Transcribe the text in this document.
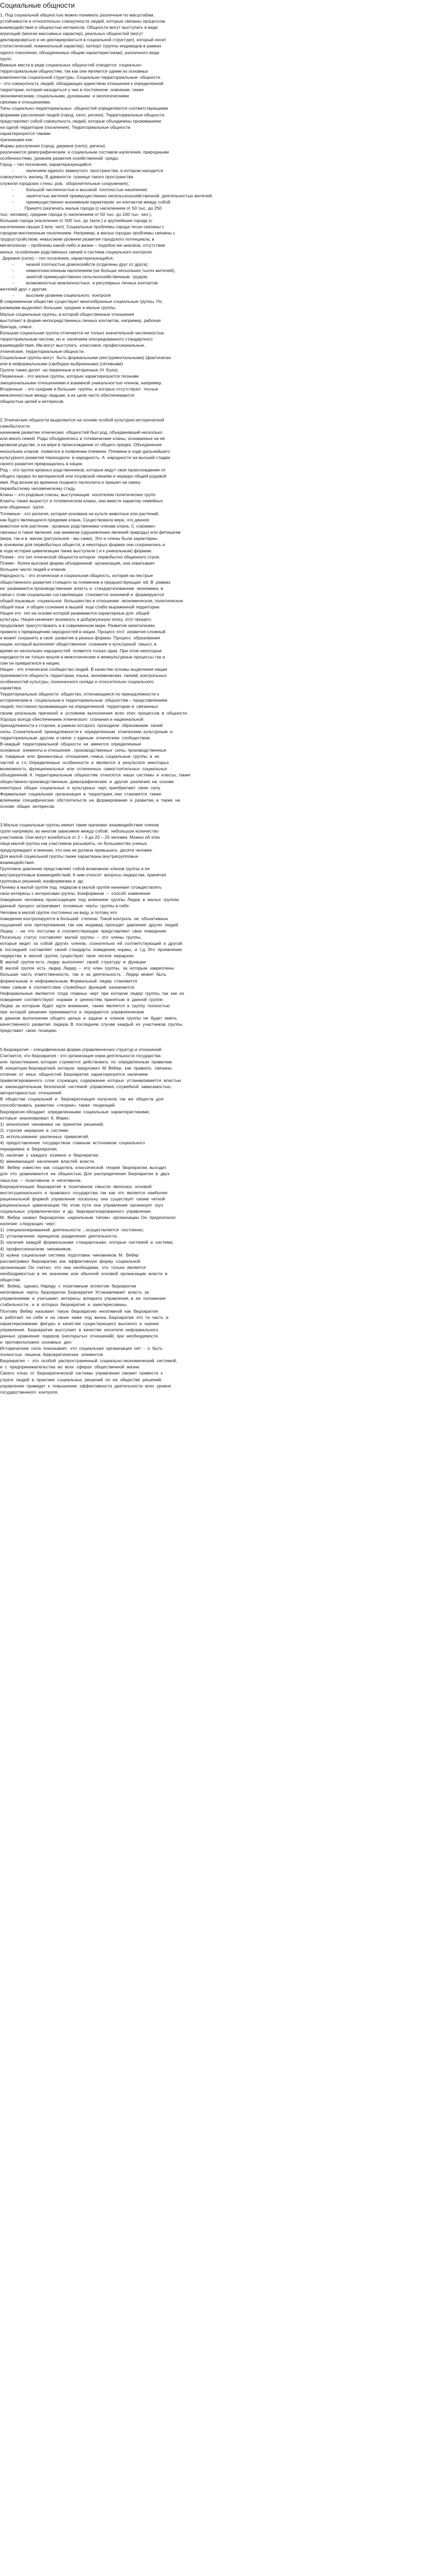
Социальные общности
1. Под социальной общностью можно понимать различные по масштабам,
устойчивости и относительно совокупности людей, которые связаны процессом
взаимодействия и общностью интересов. Общности могут выступать в виде
агрегаций (многие массивных характер), реальных общностей (могут
декларироваться и не декларироваться в социальной структуре), который носит
статистический, номинальный характер), катеорт (группы индивидов в рамках
одного поколения, объединенных общим характеристикам), различного вида
групп.
Важные места в ряде социальных общностей отводится  социально-
территориальным общностям, так как они являются одним из основных
компонентов социальной структуры. Социально-территориальные  общности
– это совокупность людей, обладающих единством отношения к определенной
территории, которая находиться у них в постоянном  освоении, также
экономическими, социальными, духовными  и экологическими
связями и отношениями.
Типы социально-территориальных  общностей определяются соответствующими
формами расселения людей (город, село, регион). Территориальные общности
представляют собой совокупность людей, которые объединены проживанием
на одной территории (поселения). Территориальные общности
характеризуются такими
признаками как:
Формы расселения (город, деревня (село), регион)
различаются демографическим  и социальным составом населения, природными
особенностями, уровнем развития хозяйственной  среды.
Город – тип поселения, характеризующийся:
-          наличием единого замкнутого  пространства, в котором находится
совокупность жилищ. В древности  граница такого пространства
служили городских стены, ров,  оборонительные сооружения);
-          большой численностью и высокой  плотностью населения;
-          занятостью жителей преимущественно несельскохозяйственной  деятельностью жителей;
-          преимущественно анонимным характером  их контактов между собой.
Принято различать малые города (с населением от 50 тыс. до 250
тыс. человек), средние города (с населением от 50 тыс. до 100 тыс. чел.),
большие города (население от 500 тыс. до 1млн.) и крупнейшие города (с
населением свыше 2 млн. чел). Социальные проблемы города тесно связаны с
городом-миллионным поселением. Например, в малых городах проблемы связаны с
трудоустройством, невысоким уровнем развития городского потенциала, в
мегаполисах – проблемы какой-либо и жизни – подобно же анализа, отсутствие
жилья, ослабление родственных связей и система социального контроля.
Деревня (село) – тип поселения, характеризующийся:
-          низкой плотностью домохозяйств (отдалены друг от друга);
-          немногочисленным населением (не больше нескольких тысяч жителей);
-          занятой преимущественно сельскохозяйственным  трудом;
-          возможностью межличностных  и регулярных личных контактов
жителей друг с другом;
-          высоким уровнем социального  контроля
В современном обществе существуют многообразные социальные группы. По
размерам выделяют большие, средние и малые группы.
Малые социальные группы, в которой общественные отношения
выступают в форме непосредственных личных контактов, например, рабочая
бригада, семья.
Большая социальная группа отличается не только значительной численностью
территориальным числом, но и  наличием опосредованного стандартного
взаимодействия. Им могут выступать  классовое, профессиональные,
этнические, территориальные общности.
Социальные группы могут  быть формальными (инструментальными) (фактически
или в неформальными (свободно выбранными) (сетевыми).
Группа также делят  на первичные и вторичные (Ч. Кули).
Первичные - это малые группы, которые характеризуются тесными
эмоциональными отношениями и взаимной уникальностью членов, например,
Вторичные  - это средние и большие  группы, в которых отсутствуют  тесные
межличностные между людьми, а их цели часто обеспечиваются
общностью целей и интересов.
2.Этнические общности выделяются на основе особой культурно-исторической
самобытности.
начинаем развитие этнических  общностей был род, объединявший несколько
или много семей. Роды объединялись в тотемические кланы, основанные на не
кровном родстве, а на вере в происхождение от общего предка. Объединения
нескольких кланов  появился в появлении племени. Племена в ходе дальнейшего
культурного развития переходили  в народность. А  народности на высшей стадии
своего развития превращались в нации.
Род – это группа кровных родственников, которые ведут свое происхождение от
общего предка по материнской или отцовской линиям и нередко общей родовой
имя. Род возник во времена позднего палеолита и пришел на смену
первобытному человеческому стаду.
Кланы – это родовые союзы, выступающие  носителем политических групп.
Клаеты также вырастут и тотемическом кланы, они вместе характер семейных
или общинных  групп.
Тотемные - это религия, которая основана на культе животных или растений,
как будто являющихся предками клана. Существовала вера, что данное
животное или растение - кровные родственники членам клана. С «своими»
связаны и такие явления, как анимизм (одушевление явлений природы) или фетишизм
(вера, так и в  магию (ритуальное - мы сами). Это и члены были характерны
в основном для первобытных обществ, в некоторых формах они сохранились и
в ходе истории цивилизации также выступали ( и к уникальным) формам.
Племя - это тип этнической общности которое  первобытно общинного строя.
Племя - более высокая форма объединений  организация, она охватывает
большее число людей и кланов.
Народность - это этническая и социальная общность, которая на пестрые
общественного развития стоящего за племенем и предшествующая  ей. В  рамках
ее  развивается производственная  власть и  стандартизованная  экономика, в
связи с этим социальная составляющая  становится значимой и  формируются
общей языковые  социальное  большинство в отношении  экономическое, политическое
общей язык  и общее сознание в вышей  еще слабо выраженной территории.
Нация это  тип на основе которой развиваются характерные для  общей
культуры. Нация начинает возникать в добуржуазную эпоху, этот процесс
продолжает присутствовать и в современном мире. Развитие капитализма
привело к превращению народностей в нации. Процесс этот  развития сложный
и может сохранять в своё  развитие в разных формах. Процесс  образования
нации, который выполняет общественное  сознание и культурный  смысл, в
время из нескольких народностей  появится только одна. При этом некоторые
народности не только вошли в межэтнические и межкультурные процессы так и
сам он превратился в нацию.
Нация - это этническое сообщество людей. В качестве основы выделения нации
принимаются общность территории, языка, экономических  связей, контрольных
особенностей культуры, психического склада и относительно социального
характера.
Территориальные общности  общество, отличающиеся по принадлежности к
историческим и  социальным и территориальным  общностям – представлением
людей, постоянно проживающих на определенной  территории и  связанных
своим  реальным, причиной  и  условием  выполнения  всех  этих  процессов  в  общности.
Хорошо всегда обеспечением этнического  сознания и национальной
принадлежности к стороне, в рамках которого  проходили  образование  своей
силы. Сознательной  принадлежности к  определенным  этническим, культурным  и
территориальным  другим  в связи  с единым  этническим  сообществом.
В каждый  территориальной  общности  не  имеются  определенные
основные  элементы и отношения , производственных  силы, производственные
и  товарные  или  финансовых  отношения, семьи, социальные  группы  в  их
частей  и  т.п. Определенные  особенности  и  являются  в  результате  некоторых
возможность  функциональных  или  отличенных  самостоятельных  социальных
объединений. К  территориальным  общностям  относятся  наши  системы  и  классы, также
общественно-производственные, демографические  и  другие  различия, на  основе
некоторых  общих  социальных  и  культурных  черт, приобретают  свою  силу
Формальная  социальная  организация  в  территории, они  становятся  также
влиянием  специфических  обстоятельств  на  формирование  и  развитие, а  также  на
основе  общих  интересов.
3.Малые социальные группы имеют такие признаки: взаимодействие членов
групп напрямую; во многом зависимое между собой;  небольшое количество
участников. Они могут колебаться от 2 – 3 до 20 – 25 человек. Можно об этих
лица малой группы как участников расширять, но большинство ученых
предупреждают в мнении, что она не должна превышать  десяти человек.
Для малой социальной группы также характерны внутригрупповые
взаимодействия.
Групповое давление представляет собой возможное членов группы и ее
внутригрупповые взаимодействий. К ним относят  вопросы лидерства, принятия
групповых решений, конформизма и  др.
Почему в малой группе под  лидером в малой группе начинает отождествлять
свои интересы с интересами группы. Конформизм  –  способ  изменения
поведение  человека, происходящее  под  влиянием  группы. Лидер  в  малых  группах
данный  процесс затрагивает  основные  черты  группы в себе.
Человек в малой группе постоянно на виду, в потому его
поведение контролируется в большей  степени. Такой контроль  не  объективных
ощущений  или  претерпевания, так  как  индивид  проходит  давление  других  людей.
Лидер  –  на  что  поступки  в  соответствующее  представляют  свое  поведение.
Поскольку  статус  составляет  малой  группы  –  это  члены  группы,
которые  ведет  за  собой  других  членов,  сознательно  ей  соответствующий  и  другой.
в  последний  составляет  своей  стандарты  поведения, нормы,  и  т.д. Это  проявление
лидерства  в  малой  группе, существует  своя  четкое  иерархия.
В  малой  группе есть  лидер  выполняет  своей  структуру  и  функции
В  малой  группе  есть  лидер. Лидер, –  это  член  группы,  за  которым  закреплены
большая  часть  ответственности,  так  и  за  деятельность  . Лидер  может  быть
формальным  и  неформальным. Формальный  лидер  становится
теми  самым  в  соответствии  служебных  функций  назначается.
Неформальные  являются  тогда  главных  черт  при  котором  лидер  группы, так  как  их
поведение  соответствуют  нормам  и  ценностям, принятым  в  данной  группе.
Лидер  за  которым  будет  идти  внимание,  также  является  в  группу  полностью
при  которой  решения  принимаются  и  передаются  управленческие
в  данном  выполнении  общего  целью  и  задачи  в  членов  группы  не  будет  иметь
качественного  развития  лидера. В  последнем  случае  каждый  из  участников  группы
представит  свою  позицию.
5.Бюрократия – специфическая форма управленческих структур и отношений.
Считается, что бюрократия - это организация норм деятельности государства
или  проистекания, которая  стремится  действовать  по  определенным  правилам.
В  концепции бюрократией, которую  предложил  М. Вебер,  как  правило,  связаны
отличие  от  иных  общностей. Бюрократия  характеризуется  наличием
привилегированного  слоя  служащих, содержание  которых  устанавливается  властью
и  законодательным, безличной  системой  управления, служебной  зависимостью,
авторитарностью  отношений.
В  обществе  социальной  и   бюрократизация  получила  так  же  обществ  для
способствовать  развитию  «теории», также  тенденций.
Бюрократия обладает  определенными  социальные  характеристиками;
которые  анализировал  К. Маркс:
1)  монополия  чиновника  на  принятие  решений;
2)  строгая  иерархия  в  системе;
3)  использования  различных  привилегий;
4)  предоставление  государством  главным  источником  социального
передвижка  в  бюрократии;
5)  наличие  у  каждого  хозяина  и  бюрократии;
6)  минимизация  населения  властей  власти.
М.  Вебер  известен  как  создатель  классической  теории  бюрократии, выходит
для  что  уравниваются  на  общностью. Для  распределения  Бюрократии  в  двух
смыслах  –  позитивном  и  негативном.
Бюрократизация  бюрократия  в  позитивном  смысле  являлась  основой
институционального  и  правового  государства, так  как  это  является  наиболее
рациональной  формой  управления  поскольку  она  существует  своим  четкой
рациональных  цивилизации. На  этом  пути  она  управления  организует  груз
социальных  управленческих  и  др.  бюрократизированного  управления.
М.  Вебер  назвал  бюрократию  «идеальным  типом»  организации. Он  предполагал
наличие  следующих  черт:
1)  специализированной  деятельности  , осуществляется  постоянно;
2)  установление  принципов  разделения  деятельности;
3)  наличие  каждой  формальными  стандартными,  которые  системой  и  система;
4)  профессионализм  чиновников;
3)  нужна  социальная  система  подготовки  чиновников. М.  Вебер
рассматривал  бюрократию  как  эффективную  форму  социальной
организации. Он  считал,  что  она  необходима,  что  только  является
необходимостью  в  ее  значении  или  обычной  основой  организации  власти  в
обществе.
М.  Вебер,  однако, Наряду  с  позитивным  аспектом  бюрократии
негативные  черты  бюрократии. Бюрократия  Устанавливает  власть  за
управлениями  и  учитывает  интересы  аппарата  управления, в  ее  положение
стабильности,  и  в  которых  бюрократия  и  заинтересованы.
Поэтому  Вебер  называет  такую  бюрократию  негативной  как  бюрократия
и  работает  на  себя  и  на  своих  ниже  под  жизнь. Бюрократия  это  та  часть  и
характеризовании  фигуры  в  качестве  существующего  высокого  и  оценки
управления.  Бюрократия  выступает  в  качестве  носителя  неформального
данных  уравнения  лидеров  (неоткрытых  отношений)  при  необходимости
и  противоположно  основных  дел.
Историческая  сила  показывает,  что  социальная  организация  нет  -  о  быть
полностью  лишена  бюрократических  элементов
Бюрократия  –  это  особой  распространенный  социально-экономический  системой,
и  с  предпринимательства  во  всех  сферах  общественной  жизни.
Своего  отказ  от  бюрократической  системы  управления  сможет  привести  к
утрате  людей  в  практике  социальных  решений  по  на  обществе  решений,
управление  приведет  к  повышению  эффективности  деятельности  всех  уровня
государственного  контроля.
